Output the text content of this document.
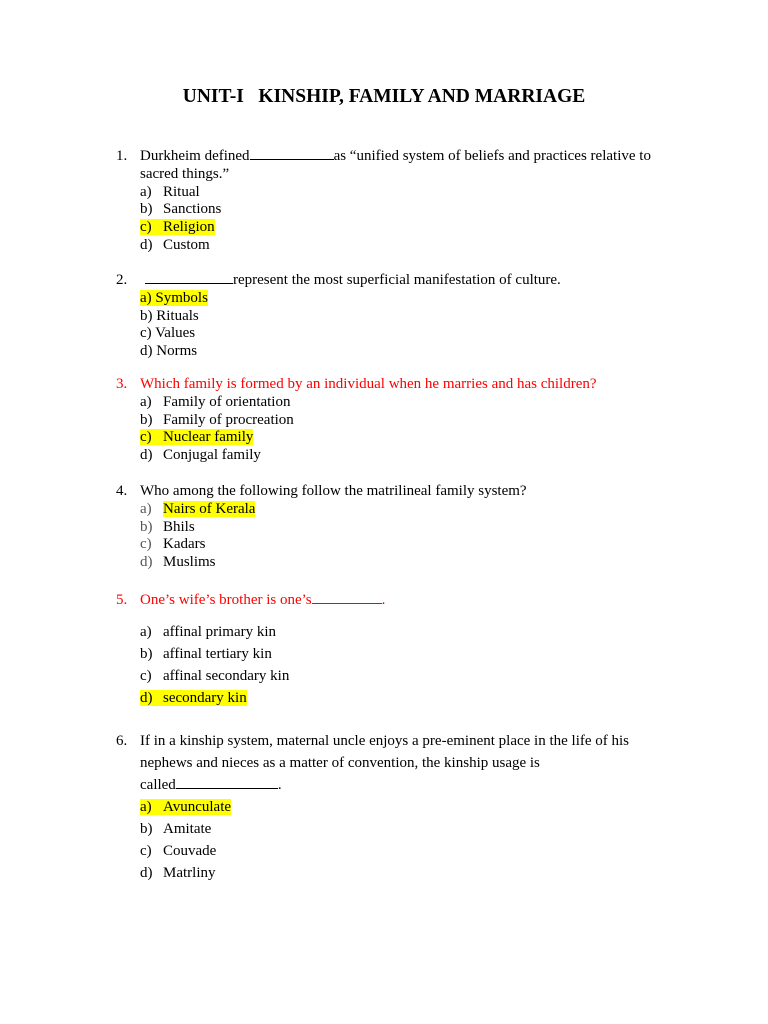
UNIT-I   KINSHIP, FAMILY AND MARRIAGE
1. Durkheim defined	as “unified system of beliefs and practices relative to
sacred things.”
a) Ritual
b) Sanctions
c) Religion
d) Custom
2.	represent the most superficial manifestation of culture.
a) Symbols
b) Rituals
c) Values
d) Norms
3. Which family is formed by an individual when he marries and has children?
a) Family of orientation
b) Family of procreation
c) Nuclear family
d) Conjugal family
4. Who among the following follow the matrilineal family system?
a) Nairs of Kerala
b) Bhils
c) Kadars
d) Muslims
5. One’s wife’s brother is one’s	.
a) affinal primary kin
b) affinal tertiary kin
c) affinal secondary kin
d) secondary kin
6. If in a kinship system, maternal uncle enjoys a pre-eminent place in the life of his
nephews and nieces as a matter of convention, the kinship usage is
called	.
a) Avunculate
b) Amitate
c) Couvade
d) Matrliny
